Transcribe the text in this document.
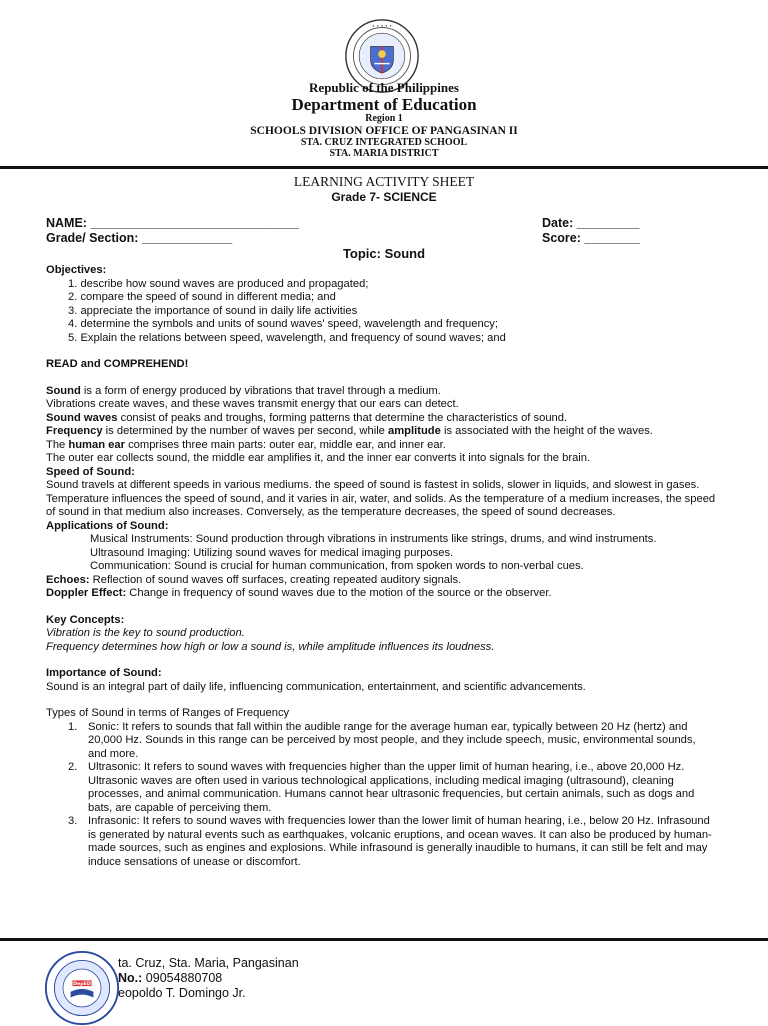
• • • • •
Republic of the Philippines
Department of Education
Region 1
SCHOOLS DIVISION OFFICE OF PANGASINAN II
STA. CRUZ INTEGRATED SCHOOL
STA. MARIA DISTRICT
LEARNING ACTIVITY SHEET
Grade 7- SCIENCE
NAME: ______________________________	Date: _________
Grade/ Section: _____________	Score: ________
Topic: Sound

Objectives:

1. describe how sound waves are produced and propagated;
2. compare the speed of sound in different media; and
3. appreciate the importance of sound in daily life activities
4. determine the symbols and units of sound waves' speed, wavelength and frequency;
5. Explain the relations between speed, wavelength, and frequency of sound waves; and

READ and COMPREHEND!

Sound is a form of energy produced by vibrations that travel through a medium.

Vibrations create waves, and these waves transmit energy that our ears can detect.

Sound waves consist of peaks and troughs, forming patterns that determine the characteristics of sound.

Frequency is determined by the number of waves per second, while amplitude is associated with the height of the waves.

The human ear comprises three main parts: outer ear, middle ear, and inner ear.

The outer ear collects sound, the middle ear amplifies it, and the inner ear converts it into signals for the brain.

Speed of Sound:

Sound travels at different speeds in various mediums. the speed of sound is fastest in solids, slower in liquids, and slowest in gases.

Temperature influences the speed of sound, and it varies in air, water, and solids. As the temperature of a medium increases, the speed of sound in that medium also increases. Conversely, as the temperature decreases, the speed of sound decreases.

Applications of Sound:

Musical Instruments: Sound production through vibrations in instruments like strings, drums, and wind instruments.

Ultrasound Imaging: Utilizing sound waves for medical imaging purposes.

Communication: Sound is crucial for human communication, from spoken words to non-verbal cues.

Echoes: Reflection of sound waves off surfaces, creating repeated auditory signals.

Doppler Effect: Change in frequency of sound waves due to the motion of the source or the observer.

Key Concepts:

Vibration is the key to sound production.

Frequency determines how high or low a sound is, while amplitude influences its loudness.

Importance of Sound:

Sound is an integral part of daily life, influencing communication, entertainment, and scientific advancements.

Types of Sound in terms of Ranges of Frequency

1. Sonic: It refers to sounds that fall within the audible range for the average human ear, typically between 20 Hz (hertz) and 20,000 Hz. Sounds in this range can be perceived by most people, and they include speech, music, environmental sounds, and more.
2. Ultrasonic: It refers to sound waves with frequencies higher than the upper limit of human hearing, i.e., above 20,000 Hz. Ultrasonic waves are often used in various technological applications, including medical imaging (ultrasound), cleaning processes, and animal communication. Humans cannot hear ultrasonic frequencies, but certain animals, such as dogs and bats, are capable of perceiving them.
3. Infrasonic: It refers to sound waves with frequencies lower than the lower limit of human hearing, i.e., below 20 Hz. Infrasound is generated by natural events such as earthquakes, volcanic eruptions, and ocean waves. It can also be produced by human-made sources, such as engines and explosions. While infrasound is generally inaudible to humans, it can still be felt and may induce sensations of unease or discomfort.
DepED
ta. Cruz, Sta. Maria, Pangasinan
No.: 09054880708
eopoldo T. Domingo Jr.
